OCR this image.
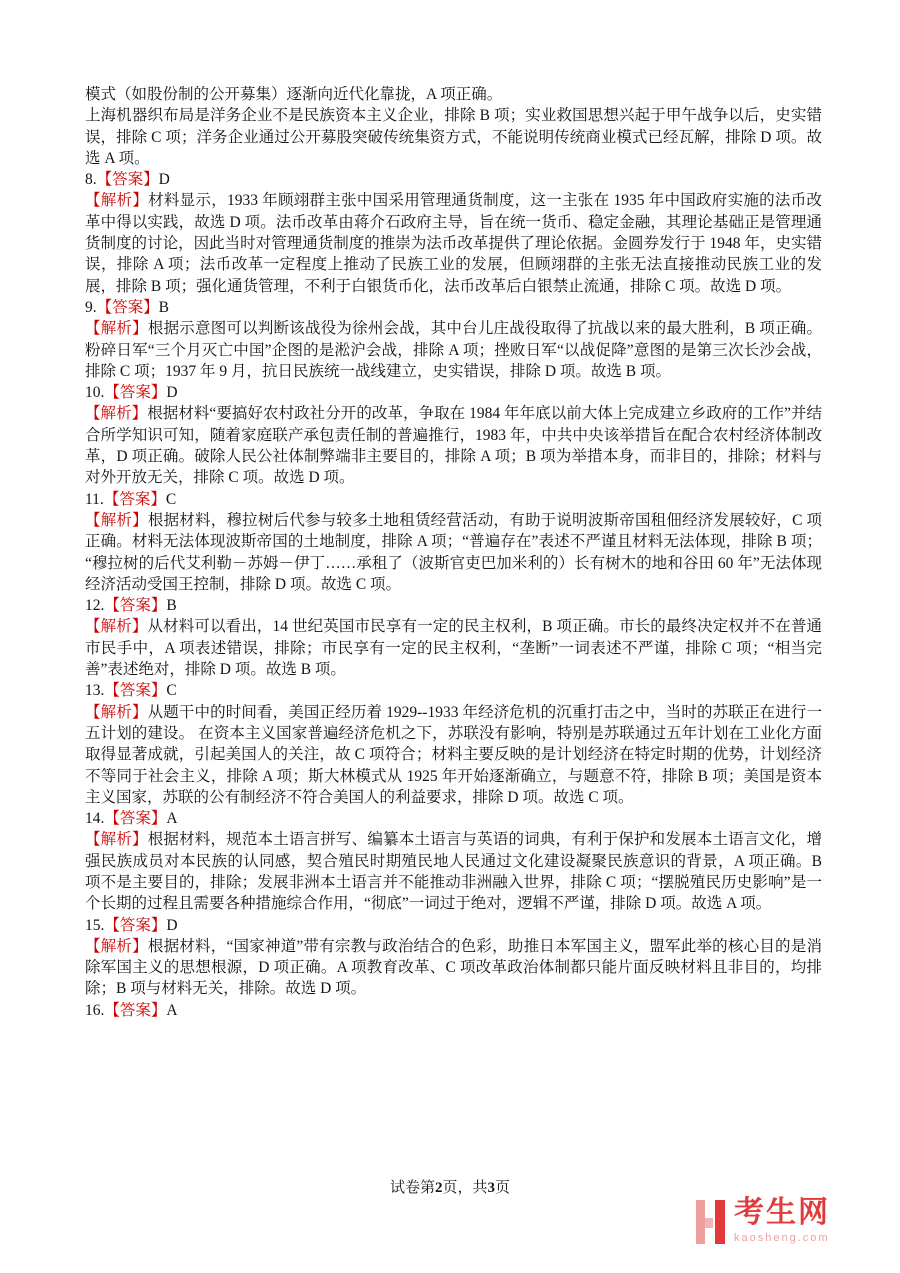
模式（如股份制的公开募集）逐渐向近代化靠拢，A 项正确。

上海机器织布局是洋务企业不是民族资本主义企业，排除 B 项；实业救国思想兴起于甲午战争以后，史实错误，排除 C 项；洋务企业通过公开募股突破传统集资方式，不能说明传统商业模式已经瓦解，排除 D 项。故选 A 项。

8.【答案】D

【解析】材料显示，1933 年顾翊群主张中国采用管理通货制度，这一主张在 1935 年中国政府实施的法币改革中得以实践，故选 D 项。法币改革由蒋介石政府主导，旨在统一货币、稳定金融，其理论基础正是管理通货制度的讨论，因此当时对管理通货制度的推崇为法币改革提供了理论依据。金圆券发行于 1948 年，史实错误，排除 A 项；法币改革一定程度上推动了民族工业的发展，但顾翊群的主张无法直接推动民族工业的发展，排除 B 项；强化通货管理，不利于白银货币化，法币改革后白银禁止流通，排除 C 项。故选 D 项。

9.【答案】B

【解析】根据示意图可以判断该战役为徐州会战，其中台儿庄战役取得了抗战以来的最大胜利，B 项正确。粉碎日军“三个月灭亡中国”企图的是淞沪会战，排除 A 项；挫败日军“以战促降”意图的是第三次长沙会战，排除 C 项；1937 年 9 月，抗日民族统一战线建立，史实错误，排除 D 项。故选 B 项。

10.【答案】D

【解析】根据材料“要搞好农村政社分开的改革，争取在 1984 年年底以前大体上完成建立乡政府的工作”并结合所学知识可知，随着家庭联产承包责任制的普遍推行，1983 年，中共中央该举措旨在配合农村经济体制改革，D 项正确。破除人民公社体制弊端非主要目的，排除 A 项；B 项为举措本身，而非目的，排除；材料与对外开放无关，排除 C 项。故选 D 项。

11.【答案】C

【解析】根据材料，穆拉树后代参与较多土地租赁经营活动，有助于说明波斯帝国租佃经济发展较好，C 项正确。材料无法体现波斯帝国的土地制度，排除 A 项；“普遍存在”表述不严谨且材料无法体现，排除 B 项；“穆拉树的后代艾利勒－苏姆－伊丁……承租了（波斯官吏巴加米利的）长有树木的地和谷田 60 年”无法体现经济活动受国王控制，排除 D 项。故选 C 项。

12.【答案】B

【解析】从材料可以看出，14 世纪英国市民享有一定的民主权利，B 项正确。市长的最终决定权并不在普通市民手中，A 项表述错误，排除；市民享有一定的民主权利，“垄断”一词表述不严谨，排除 C 项；“相当完善”表述绝对，排除 D 项。故选 B 项。

13.【答案】C

【解析】从题干中的时间看，美国正经历着 1929--1933 年经济危机的沉重打击之中，当时的苏联正在进行一五计划的建设。 在资本主义国家普遍经济危机之下，苏联没有影响，特别是苏联通过五年计划在工业化方面取得显著成就，引起美国人的关注，故 C 项符合；材料主要反映的是计划经济在特定时期的优势，计划经济不等同于社会主义，排除 A 项；斯大林模式从 1925 年开始逐渐确立，与题意不符，排除 B 项；美国是资本主义国家，苏联的公有制经济不符合美国人的利益要求，排除 D 项。故选 C 项。

14.【答案】A

【解析】根据材料，规范本土语言拼写、编纂本土语言与英语的词典，有利于保护和发展本土语言文化，增强民族成员对本民族的认同感，契合殖民时期殖民地人民通过文化建设凝聚民族意识的背景，A 项正确。B 项不是主要目的，排除；发展非洲本土语言并不能推动非洲融入世界，排除 C 项；“摆脱殖民历史影响”是一个长期的过程且需要各种措施综合作用，“彻底”一词过于绝对，逻辑不严谨，排除 D 项。故选 A 项。

15.【答案】D

【解析】根据材料，“国家神道”带有宗教与政治结合的色彩，助推日本军国主义，盟军此举的核心目的是消除军国主义的思想根源，D 项正确。A 项教育改革、C 项改革政治体制都只能片面反映材料且非目的，均排除；B 项与材料无关，排除。故选 D 项。

16.【答案】A

试卷第2页，共3页
考生网
kaosheng.com
